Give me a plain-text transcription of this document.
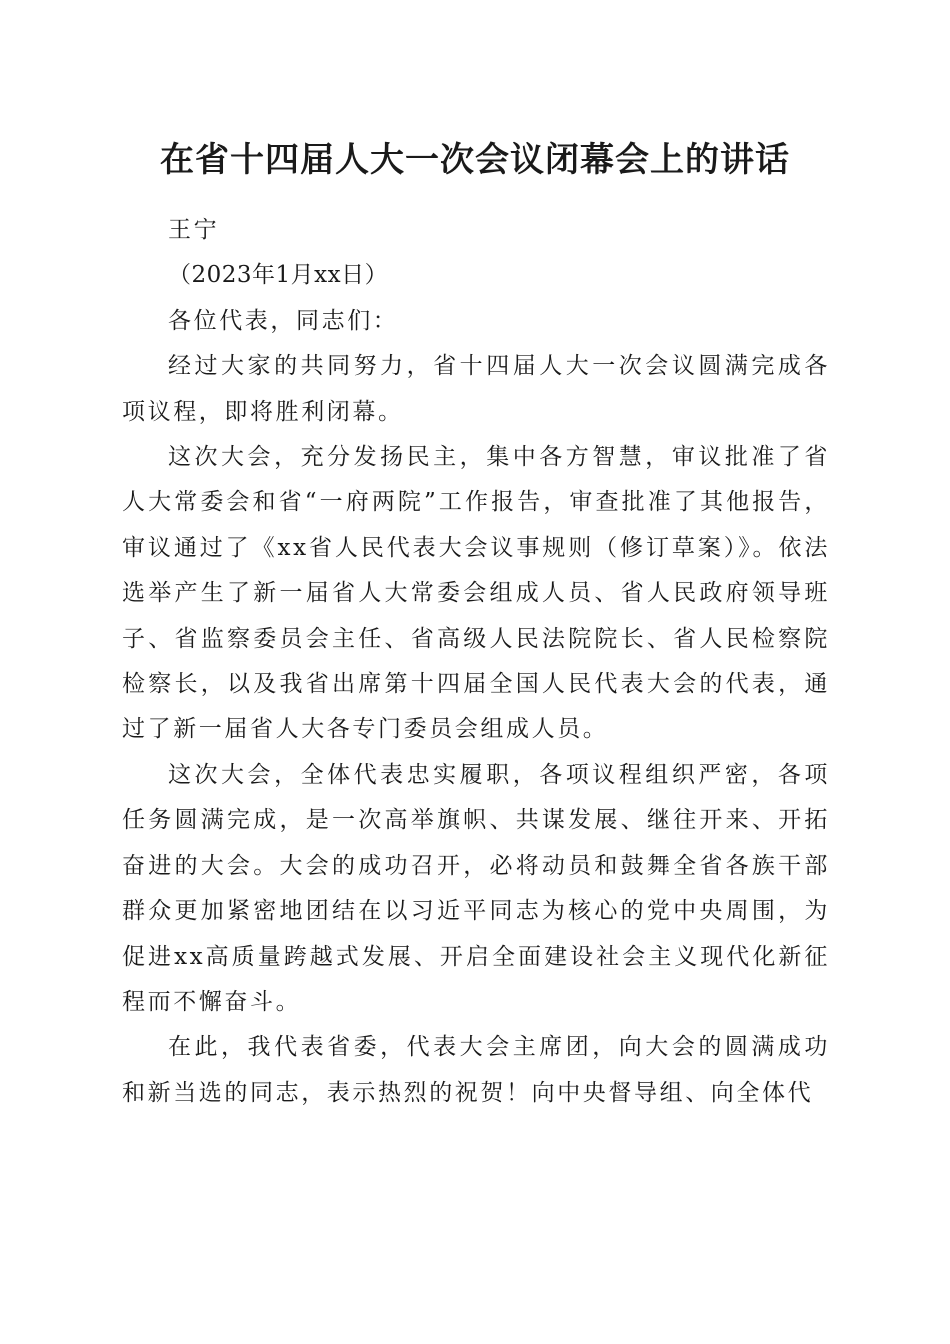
在省十四届人大一次会议闭幕会上的讲话

王宁

（2023年1月xx日）

各位代表，同志们：

经过大家的共同努力，省十四届人大一次会议圆满完成各项议程，即将胜利闭幕。

这次大会，充分发扬民主，集中各方智慧，审议批准了省人大常委会和省“一府两院”工作报告，审查批准了其他报告，审议通过了《xx省人民代表大会议事规则（修订草案）》。依法选举产生了新一届省人大常委会组成人员、省人民政府领导班子、省监察委员会主任、省高级人民法院院长、省人民检察院检察长，以及我省出席第十四届全国人民代表大会的代表，通过了新一届省人大各专门委员会组成人员。

这次大会，全体代表忠实履职，各项议程组织严密，各项任务圆满完成，是一次高举旗帜、共谋发展、继往开来、开拓奋进的大会。大会的成功召开，必将动员和鼓舞全省各族干部群众更加紧密地团结在以习近平同志为核心的党中央周围，为促进xx高质量跨越式发展、开启全面建设社会主义现代化新征程而不懈奋斗。

在此，我代表省委，代表大会主席团，向大会的圆满成功和新当选的同志，表示热烈的祝贺！向中央督导组、向全体代
